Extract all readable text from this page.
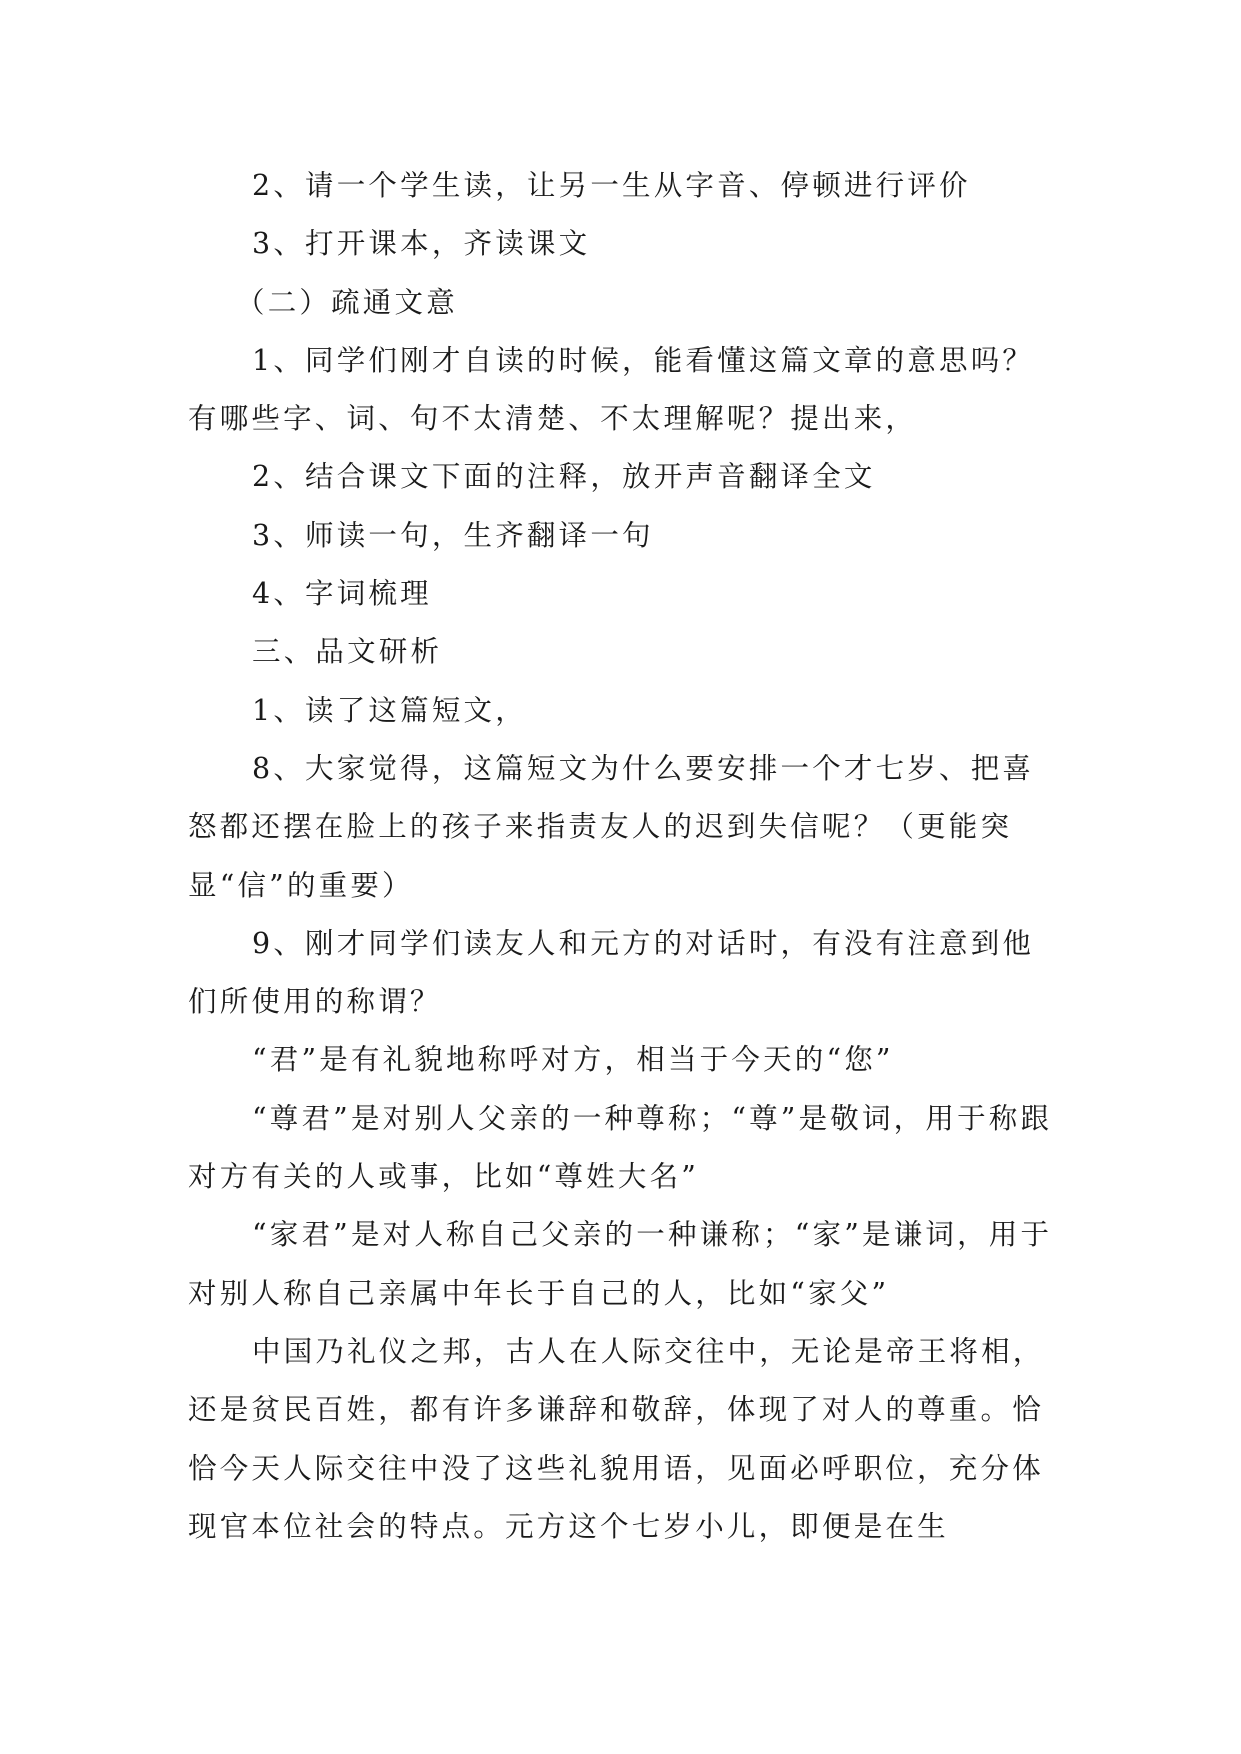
2、请一个学生读，让另一生从字音、停顿进行评价

3、打开课本，齐读课文

（二）疏通文意

1、同学们刚才自读的时候，能看懂这篇文章的意思吗？有哪些字、词、句不太清楚、不太理解呢？提出来，

2、结合课文下面的注释，放开声音翻译全文

3、师读一句，生齐翻译一句

4、字词梳理

三、品文研析

1、读了这篇短文，

8、大家觉得，这篇短文为什么要安排一个才七岁、把喜怒都还摆在脸上的孩子来指责友人的迟到失信呢？（更能突显“信”的重要）

9、刚才同学们读友人和元方的对话时，有没有注意到他们所使用的称谓？

“君”是有礼貌地称呼对方，相当于今天的“您”

“尊君”是对别人父亲的一种尊称；“尊”是敬词，用于称跟对方有关的人或事，比如“尊姓大名”

“家君”是对人称自己父亲的一种谦称；“家”是谦词，用于对别人称自己亲属中年长于自己的人，比如“家父”

中国乃礼仪之邦，古人在人际交往中，无论是帝王将相，还是贫民百姓，都有许多谦辞和敬辞，体现了对人的尊重。恰恰今天人际交往中没了这些礼貌用语，见面必呼职位，充分体现官本位社会的特点。元方这个七岁小儿，即便是在生
